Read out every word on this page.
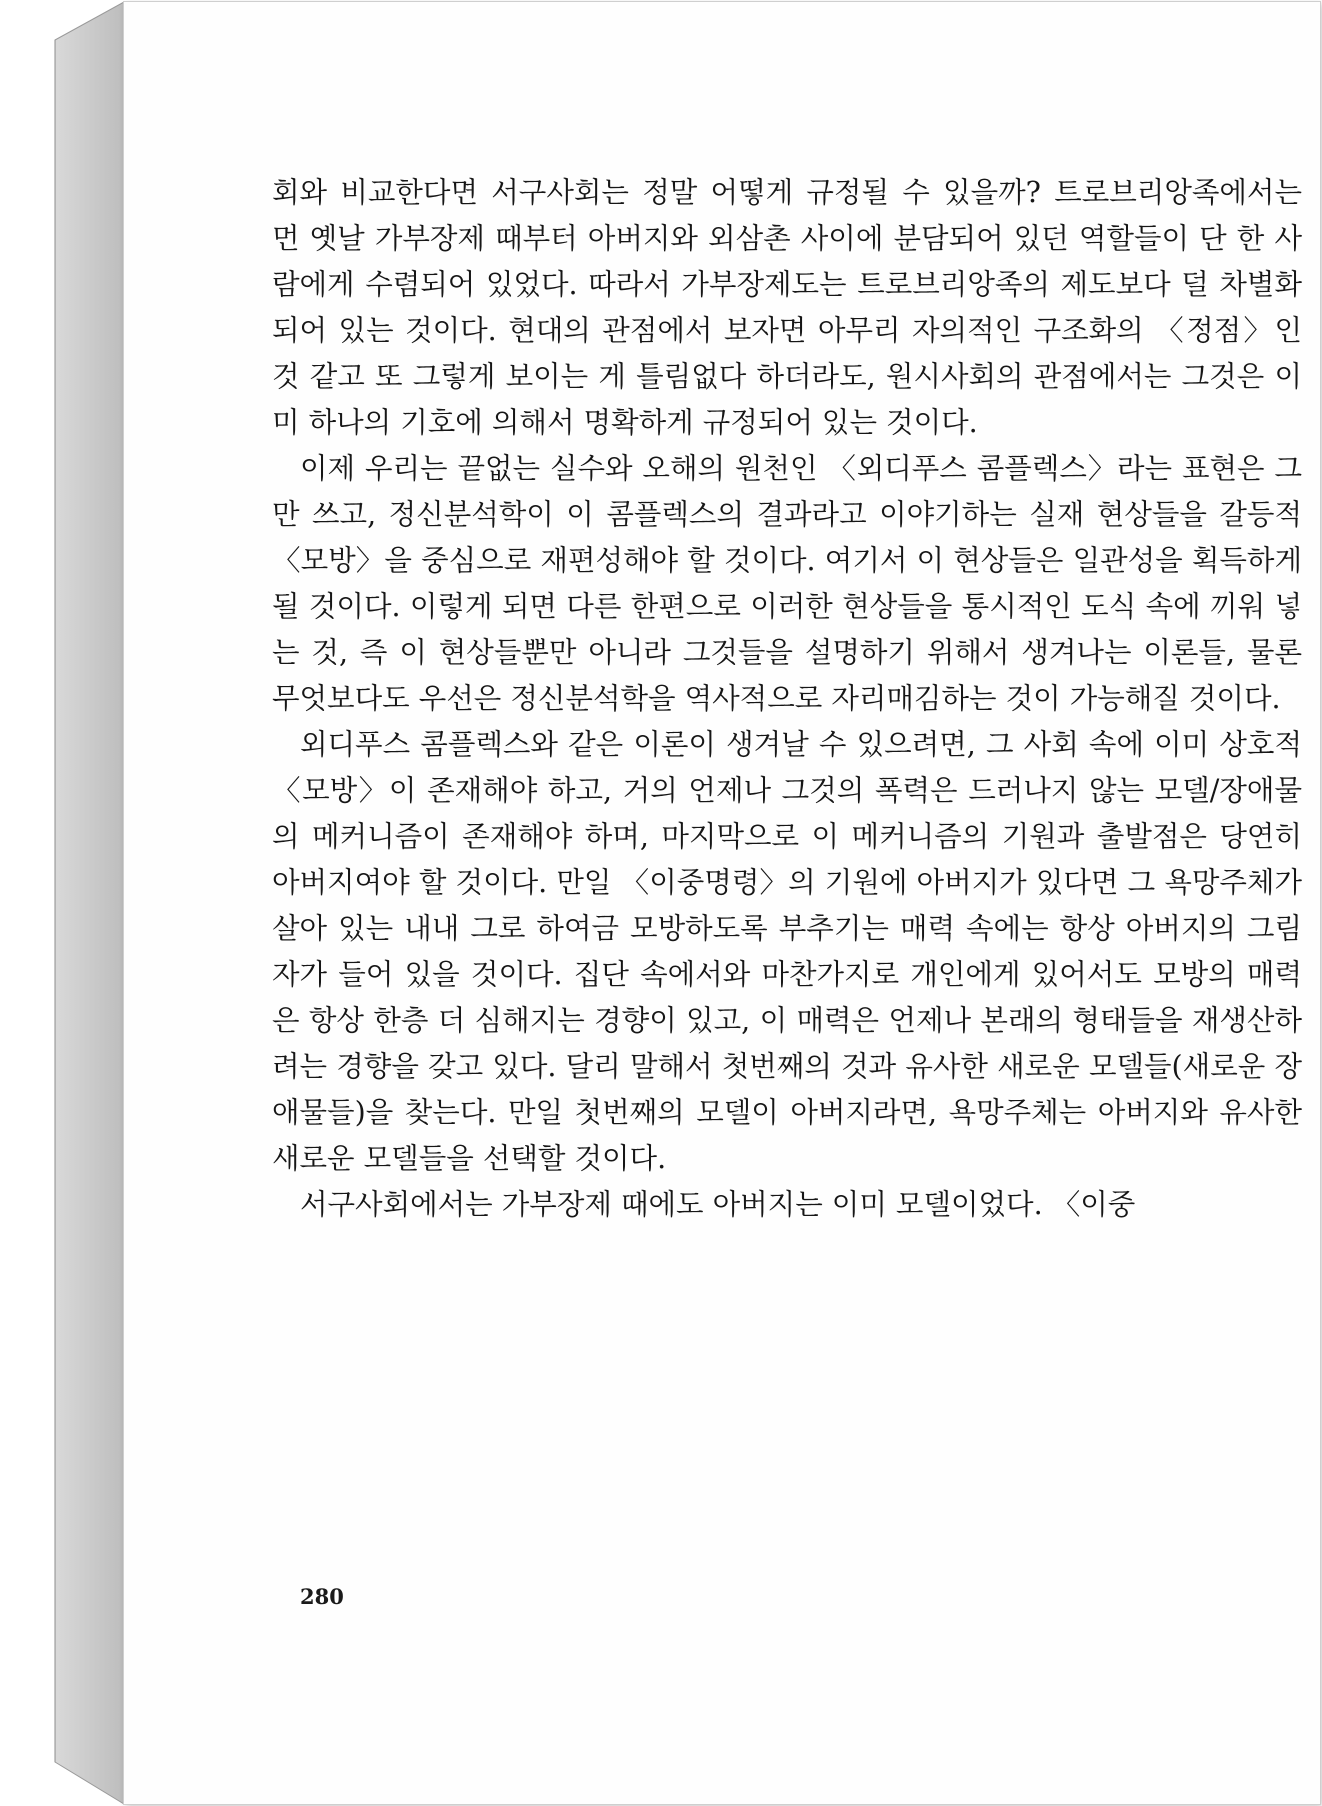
회와 비교한다면 서구사회는 정말 어떻게 규정될 수 있을까? 트로브리앙족에서는 먼 옛날 가부장제 때부터 아버지와 외삼촌 사이에 분담되어 있던 역할들이 단 한 사람에게 수렴되어 있었다. 따라서 가부장제도는 트로브리앙족의 제도보다 덜 차별화되어 있는 것이다. 현대의 관점에서 보자면 아무리 자의적인 구조화의 〈정점〉인 것 같고 또 그렇게 보이는 게 틀림없다 하더라도, 원시사회의 관점에서는 그것은 이미 하나의 기호에 의해서 명확하게 규정되어 있는 것이다.

이제 우리는 끝없는 실수와 오해의 원천인 〈외디푸스 콤플렉스〉라는 표현은 그만 쓰고, 정신분석학이 이 콤플렉스의 결과라고 이야기하는 실재 현상들을 갈등적 〈모방〉을 중심으로 재편성해야 할 것이다. 여기서 이 현상들은 일관성을 획득하게 될 것이다. 이렇게 되면 다른 한편으로 이러한 현상들을 통시적인 도식 속에 끼워 넣는 것, 즉 이 현상들뿐만 아니라 그것들을 설명하기 위해서 생겨나는 이론들, 물론 무엇보다도 우선은 정신분석학을 역사적으로 자리매김하는 것이 가능해질 것이다.

외디푸스 콤플렉스와 같은 이론이 생겨날 수 있으려면, 그 사회 속에 이미 상호적 〈모방〉이 존재해야 하고, 거의 언제나 그것의 폭력은 드러나지 않는 모델/장애물의 메커니즘이 존재해야 하며, 마지막으로 이 메커니즘의 기원과 출발점은 당연히 아버지여야 할 것이다. 만일 〈이중명령〉의 기원에 아버지가 있다면 그 욕망주체가 살아 있는 내내 그로 하여금 모방하도록 부추기는 매력 속에는 항상 아버지의 그림자가 들어 있을 것이다. 집단 속에서와 마찬가지로 개인에게 있어서도 모방의 매력은 항상 한층 더 심해지는 경향이 있고, 이 매력은 언제나 본래의 형태들을 재생산하려는 경향을 갖고 있다. 달리 말해서 첫번째의 것과 유사한 새로운 모델들(새로운 장애물들)을 찾는다. 만일 첫번째의 모델이 아버지라면, 욕망주체는 아버지와 유사한 새로운 모델들을 선택할 것이다.

서구사회에서는 가부장제 때에도 아버지는 이미 모델이었다. 〈이중

280
